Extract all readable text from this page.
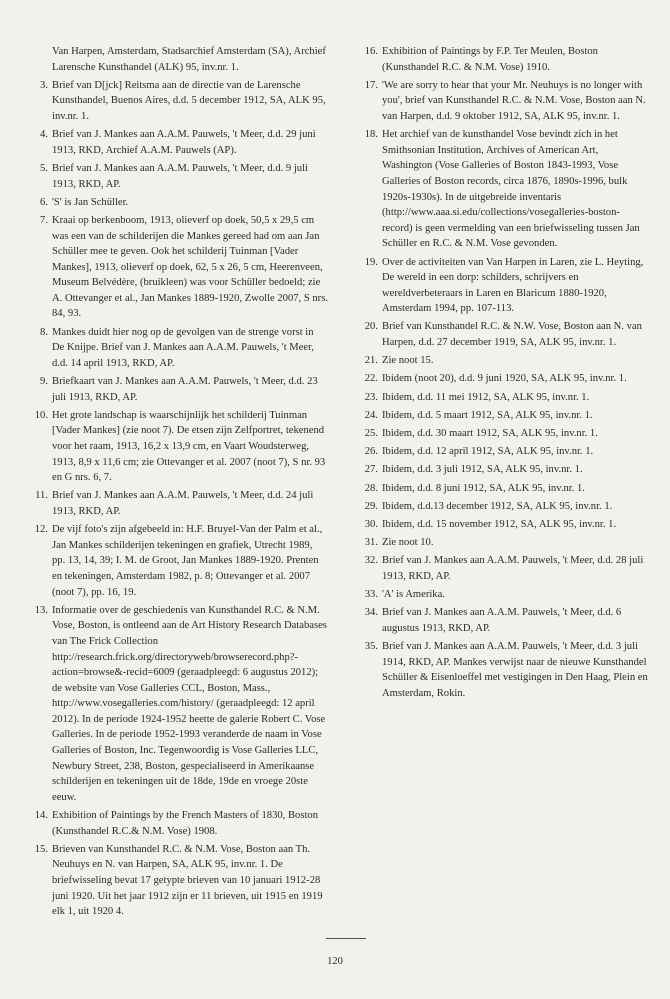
Van Harpen, Amsterdam, Stadsarchief Amsterdam (SA), Archief Larensche Kunsthandel (ALK) 95, inv.nr. 1.
3 . Brief van D[jck] Reitsma aan de directie van de Larensche Kunsthandel, Buenos Aires, d.d. 5 december 1912, SA, ALK 95, inv.nr. 1.
4 . Brief van J. Mankes aan A.A.M. Pauwels, 't Meer, d.d. 29 juni 1913, RKD, Archief A.A.M. Pauwels (AP).
5 . Brief van J. Mankes aan A.A.M. Pauwels, 't Meer, d.d. 9 juli 1913, RKD, AP.
6 . 'S' is Jan Schüller.
7 . Kraai op berkenboom, 1913, olieverf op doek, 50,5 x 29,5 cm was een van de schilderijen die Mankes gereed had om aan Jan Schüller mee te geven. Ook het schilderij Tuinman [Vader Mankes], 1913, olieverf op doek, 62, 5 x 26, 5 cm, Heerenveen, Museum Belvédère, (bruikleen) was voor Schüller bedoeld; zie A. Ottevanger et al., Jan Mankes 1889-1920, Zwolle 2007, S nrs. 84, 93.
8 . Mankes duidt hier nog op de gevolgen van de strenge vorst in De Knijpe. Brief van J. Mankes aan A.A.M. Pauwels, 't Meer, d.d. 14 april 1913, RKD, AP.
9 . Briefkaart van J. Mankes aan A.A.M. Pauwels, 't Meer, d.d. 23 juli 1913, RKD, AP.
10 . Het grote landschap is waarschijnlijk het schilderij Tuinman [Vader Mankes] (zie noot 7). De etsen zijn Zelfportret, tekenend voor het raam, 1913, 16,2 x 13,9 cm, en Vaart Woudsterweg, 1913, 8,9 x 11,6 cm; zie Ottevanger et al. 2007 (noot 7), S nr. 93 en G nrs. 6, 7.
11 . Brief van J. Mankes aan A.A.M. Pauwels, 't Meer, d.d. 24 juli 1913, RKD, AP.
12 . De vijf foto's zijn afgebeeld in: H.F. Bruyel-Van der Palm et al., Jan Mankes schilderijen tekeningen en grafiek, Utrecht 1989, pp. 13, 14, 39; I. M. de Groot, Jan Mankes 1889-1920. Prenten en tekeningen, Amsterdam 1982, p. 8; Ottevanger et al. 2007 (noot 7), pp. 16, 19.
13 . Informatie over de geschiedenis van Kunsthandel R.C. & N.M. Vose, Boston, is ontleend aan de Art History Research Databases van The Frick Collection http://research.frick.org/directoryweb/browserecord.php?-action=browse&-recid=6009 (geraadpleegd: 6 augustus 2012); de website van Vose Galleries CCL, Boston, Mass., http://www.vosegalleries.com/history/ (geraadpleegd: 12 april 2012). In de periode 1924-1952 heette de galerie Robert C. Vose Galleries. In de periode 1952-1993 veranderde de naam in Vose Galleries of Boston, Inc. Tegenwoordig is Vose Galleries LLC, Newbury Street, 238, Boston, gespecialiseerd in Amerikaanse schilderijen en tekeningen uit de 18de, 19de en vroege 20ste eeuw.
14 . Exhibition of Paintings by the French Masters of 1830, Boston (Kunsthandel R.C.& N.M. Vose) 1908.
15 . Brieven van Kunsthandel R.C. & N.M. Vose, Boston aan Th. Neuhuys en N. van Harpen, SA, ALK 95, inv.nr. 1. De briefwisseling bevat 17 getypte brieven van 10 januari 1912-28 juni 1920. Uit het jaar 1912 zijn er 11 brieven, uit 1915 en 1919 elk 1, uit 1920 4.
16 . Exhibition of Paintings by F.P. Ter Meulen, Boston (Kunsthandel R.C. & N.M. Vose) 1910.
17 . 'We are sorry to hear that your Mr. Neuhuys is no longer with you', brief van Kunsthandel R.C. & N.M. Vose, Boston aan N. van Harpen, d.d. 9 oktober 1912, SA, ALK 95, inv.nr. 1.
18 . Het archief van de kunsthandel Vose bevindt zich in het Smithsonian Institution, Archives of American Art, Washington (Vose Galleries of Boston 1843-1993, Vose Galleries of Boston records, circa 1876, 1890s-1996, bulk 1920s-1930s). In de uitgebreide inventaris (http://www.aaa.si.edu/collections/vosegalleries-boston-record) is geen vermelding van een briefwisseling tussen Jan Schüller en R.C. & N.M. Vose gevonden.
19 . Over de activiteiten van Van Harpen in Laren, zie L. Heyting, De wereld in een dorp: schilders, schrijvers en wereldverbeteraars in Laren en Blaricum 1880-1920, Amsterdam 1994, pp. 107-113.
20 . Brief van Kunsthandel R.C. & N.W. Vose, Boston aan N. van Harpen, d.d. 27 december 1919, SA, ALK 95, inv.nr. 1.
21 . Zie noot 15.
22 . Ibidem (noot 20), d.d. 9 juni 1920, SA, ALK 95, inv.nr. 1.
23 . Ibidem, d.d. 11 mei 1912, SA, ALK 95, inv.nr. 1.
24 . Ibidem, d.d. 5 maart 1912, SA, ALK 95, inv.nr. 1.
25 . Ibidem, d.d. 30 maart 1912, SA, ALK 95, inv.nr. 1.
26 . Ibidem, d.d. 12 april 1912, SA, ALK 95, inv.nr. 1.
27 . Ibidem, d.d. 3 juli 1912, SA, ALK 95, inv.nr. 1.
28 . Ibidem, d.d. 8 juni 1912, SA, ALK 95, inv.nr. 1.
29 . Ibidem, d.d.13 december 1912, SA, ALK 95, inv.nr. 1.
30 . Ibidem, d.d. 15 november 1912, SA, ALK 95, inv.nr. 1.
31 . Zie noot 10.
32 . Brief van J. Mankes aan A.A.M. Pauwels, 't Meer, d.d. 28 juli 1913, RKD, AP.
33 . 'A' is Amerika.
34 . Brief van J. Mankes aan A.A.M. Pauwels, 't Meer, d.d. 6 augustus 1913, RKD, AP.
35 . Brief van J. Mankes aan A.A.M. Pauwels, 't Meer, d.d. 3 juli 1914, RKD, AP. Mankes verwijst naar de nieuwe Kunsthandel Schüller & Eisenloeffel met vestigingen in Den Haag, Plein en Amsterdam, Rokin.
120
